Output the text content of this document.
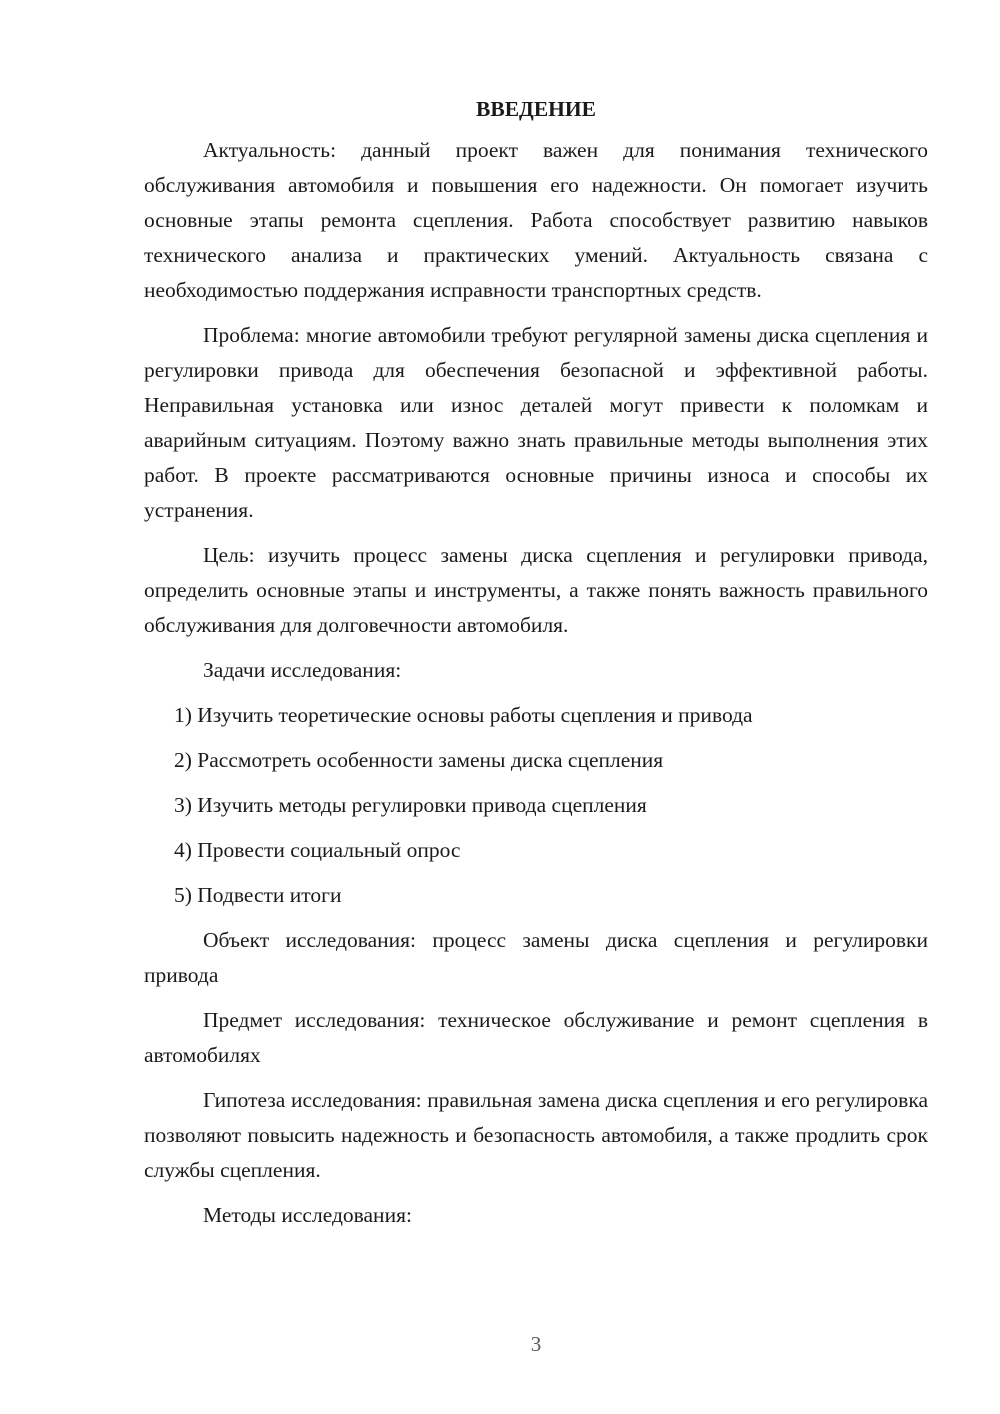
ВВЕДЕНИЕ

Актуальность: данный проект важен для понимания технического обслуживания автомобиля и повышения его надежности. Он помогает изучить основные этапы ремонта сцепления. Работа способствует развитию навыков технического анализа и практических умений. Актуальность связана с необходимостью поддержания исправности транспортных средств.

Проблема: многие автомобили требуют регулярной замены диска сцепления и регулировки привода для обеспечения безопасной и эффективной работы. Неправильная установка или износ деталей могут привести к поломкам и аварийным ситуациям. Поэтому важно знать правильные методы выполнения этих работ. В проекте рассматриваются основные причины износа и способы их устранения.

Цель: изучить процесс замены диска сцепления и регулировки привода, определить основные этапы и инструменты, а также понять важность правильного обслуживания для долговечности автомобиля.

Задачи исследования:

1) Изучить теоретические основы работы сцепления и привода

2) Рассмотреть особенности замены диска сцепления

3) Изучить методы регулировки привода сцепления

4) Провести социальный опрос

5) Подвести итоги

Объект исследования: процесс замены диска сцепления и регулировки привода

Предмет исследования: техническое обслуживание и ремонт сцепления в автомобилях

Гипотеза исследования: правильная замена диска сцепления и его регулировка позволяют повысить надежность и безопасность автомобиля, а также продлить срок службы сцепления.

Методы исследования:

3
